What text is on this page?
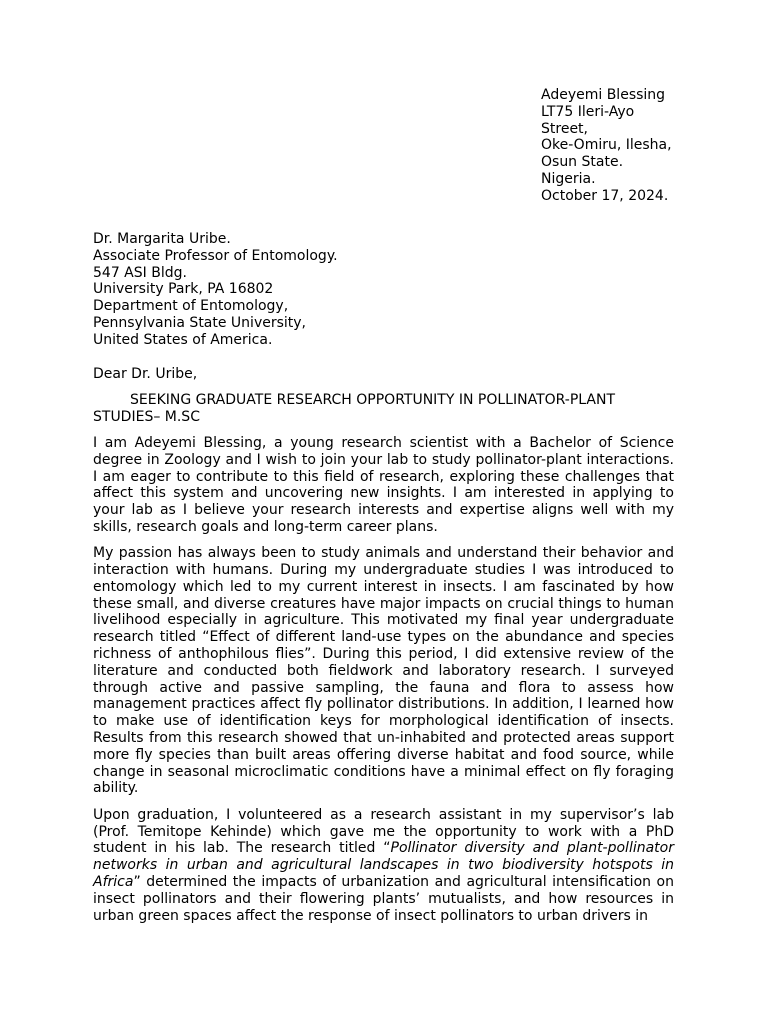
Adeyemi Blessing
LT75 Ileri-Ayo Street,
Oke-Omiru, Ilesha,
Osun State.
Nigeria.
October 17, 2024.
Dr. Margarita Uribe.
Associate Professor of Entomology.
547 ASI Bldg.
University Park, PA 16802
Department of Entomology,
Pennsylvania State University,
United States of America.
Dear Dr. Uribe,
SEEKING GRADUATE RESEARCH OPPORTUNITY IN POLLINATOR-PLANT STUDIES– M.SC

I am Adeyemi Blessing, a young research scientist with a Bachelor of Science degree in Zoology and I wish to join your lab to study pollinator-plant interactions. I am eager to contribute to this field of research, exploring these challenges that affect this system and uncovering new insights. I am interested in applying to your lab as I believe your research interests and expertise aligns well with my skills, research goals and long-term career plans.

My passion has always been to study animals and understand their behavior and interaction with humans. During my undergraduate studies I was introduced to entomology which led to my current interest in insects. I am fascinated by how these small, and diverse creatures have major impacts on crucial things to human livelihood especially in agriculture. This motivated my final year undergraduate research titled “Effect of different land-use types on the abundance and species richness of anthophilous flies”. During this period, I did extensive review of the literature and conducted both fieldwork and laboratory research. I surveyed through active and passive sampling, the fauna and flora to assess how management practices affect fly pollinator distributions. In addition, I learned how to make use of identification keys for morphological identification of insects. Results from this research showed that un-inhabited and protected areas support more fly species than built areas offering diverse habitat and food source, while change in seasonal microclimatic conditions have a minimal effect on fly foraging ability.

Upon graduation, I volunteered as a research assistant in my supervisor’s lab (Prof. Temitope Kehinde) which gave me the opportunity to work with a PhD student in his lab. The research titled “Pollinator diversity and plant-pollinator networks in urban and agricultural landscapes in two biodiversity hotspots in Africa” determined the impacts of urbanization and agricultural intensification on insect pollinators and their flowering plants’ mutualists, and how resources in urban green spaces affect the response of insect pollinators to urban drivers in
